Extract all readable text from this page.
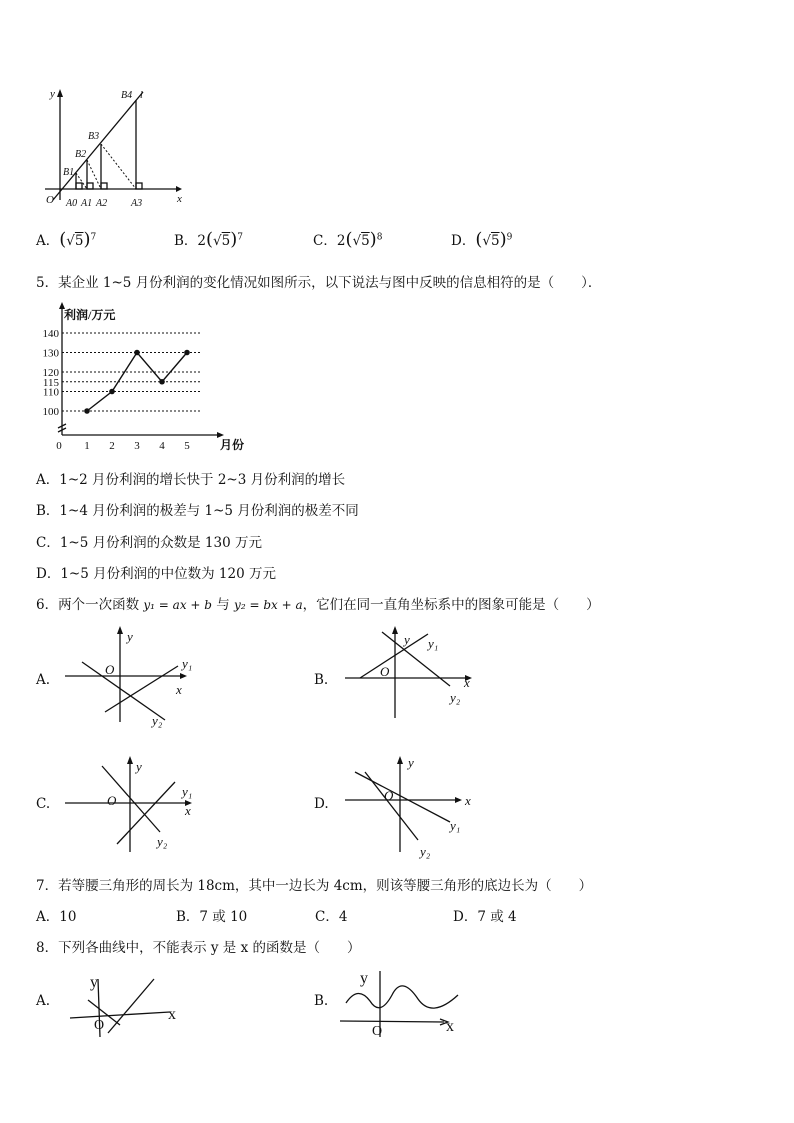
y
O	x
B1
B2
B3
B4 l
A0 A1 A2 A3
A．$(√5)^7$	B．$2(√5)^7$	C．$2(√5)^8$	D．$(√5)^9$
5．某企业 1~5 月份利润的变化情况如图所示，以下说法与图中反映的信息相符的是（　　）．
100
110
115
120
130
140
0 1 2 3 4 5
利润/万元
月份
A．1~2 月份利润的增长快于 2~3 月份利润的增长
B．1~4 月份利润的极差与 1~5 月份利润的极差不同
C．1~5 月份利润的众数是 130 万元
D．1~5 月份利润的中位数为 120 万元
6．两个一次函数 y₁ = ax + b 与 y₂ = bx + a，它们在同一直角坐标系中的图象可能是（　　）
A.
y
x
O	y₁
y₂
B.
y
x
O
y₁
y₂
C.
y
x
O
y₁
y₂
D.
y
x
O
y₁
y₂
7．若等腰三角形的周长为 18cm，其中一边长为 4cm，则该等腰三角形的底边长为（　　）
A．10	B．7 或 10	C．4	D．7 或 4
8．下列各曲线中，不能表示 y 是 x 的函数是（　　）
A.
y
x
O
B.
y
x
O
